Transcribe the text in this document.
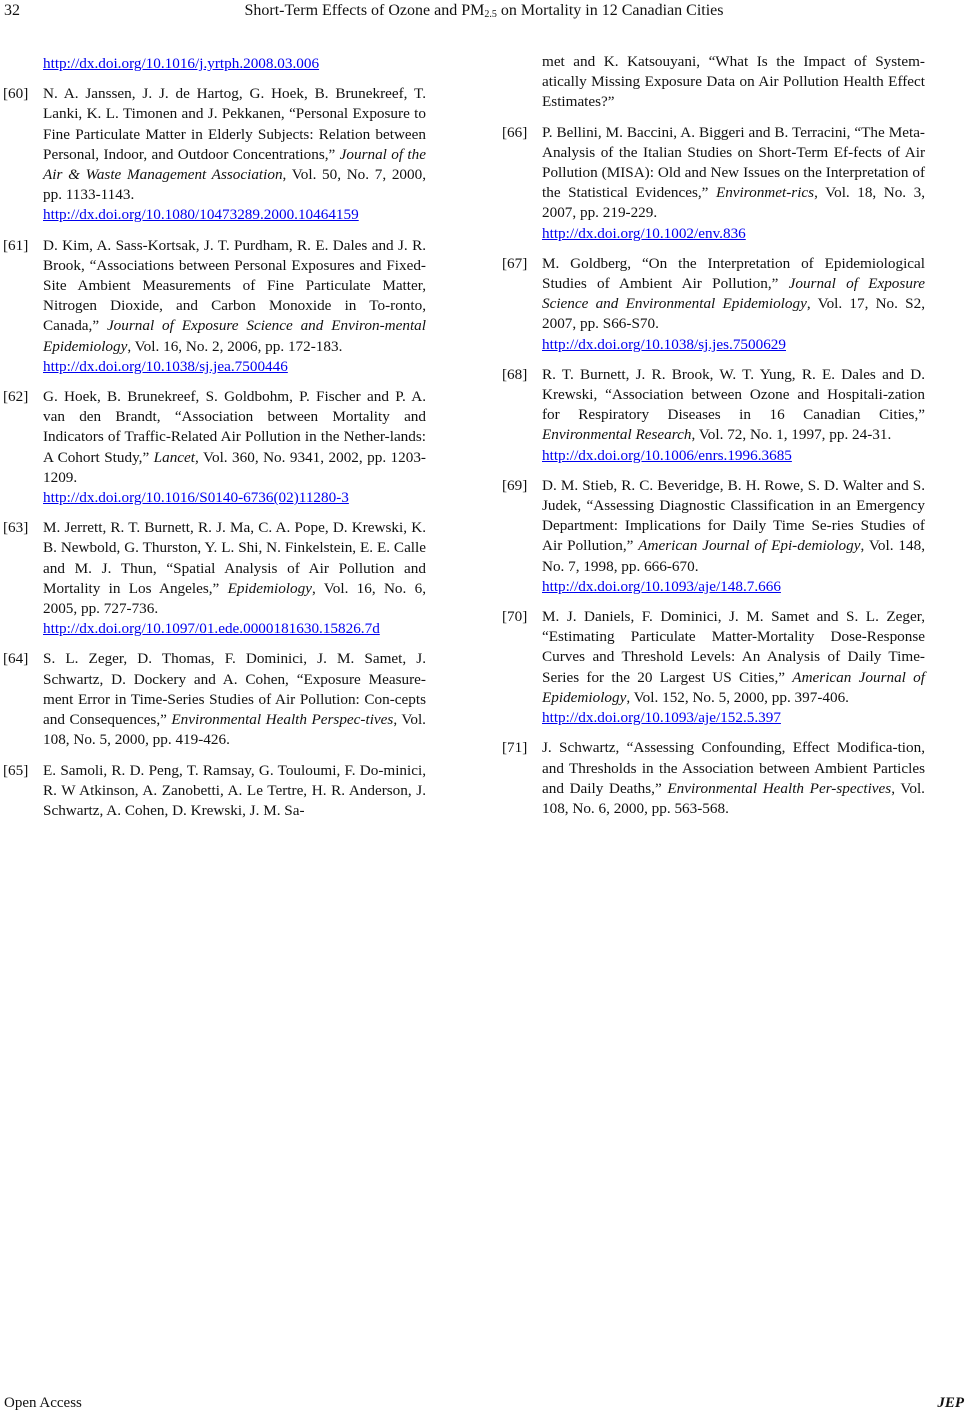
32	Short-Term Effects of Ozone and $PM_{2.5}$ on Mortality in 12 Canadian Cities
http://dx.doi.org/10.1016/j.yrtph.2008.03.006
[60] N. A. Janssen, J. J. de Hartog, G. Hoek, B. Brunekreef, T. Lanki, K. L. Timonen and J. Pekkanen, “Personal Exposure to Fine Particulate Matter in Elderly Subjects: Relation between Personal, Indoor, and Outdoor Concentrations,” Journal of the Air & Waste Management Association, Vol. 50, No. 7, 2000, pp. 1133-1143.
http://dx.doi.org/10.1080/10473289.2000.10464159
[61] D. Kim, A. Sass-Kortsak, J. T. Purdham, R. E. Dales and J. R. Brook, “Associations between Personal Exposures and Fixed-Site Ambient Measurements of Fine Particulate Matter, Nitrogen Dioxide, and Carbon Monoxide in To-ronto, Canada,” Journal of Exposure Science and Environ-mental Epidemiology, Vol. 16, No. 2, 2006, pp. 172-183.
http://dx.doi.org/10.1038/sj.jea.7500446
[62] G. Hoek, B. Brunekreef, S. Goldbohm, P. Fischer and P. A. van den Brandt, “Association between Mortality and Indicators of Traffic-Related Air Pollution in the Nether-lands: A Cohort Study,” Lancet, Vol. 360, No. 9341, 2002, pp. 1203-1209.
http://dx.doi.org/10.1016/S0140-6736(02)11280-3
[63] M. Jerrett, R. T. Burnett, R. J. Ma, C. A. Pope, D. Krewski, K. B. Newbold, G. Thurston, Y. L. Shi, N. Finkelstein, E. E. Calle and M. J. Thun, “Spatial Analysis of Air Pollution and Mortality in Los Angeles,” Epidemiology, Vol. 16, No. 6, 2005, pp. 727-736.
http://dx.doi.org/10.1097/01.ede.0000181630.15826.7d
[64] S. L. Zeger, D. Thomas, F. Dominici, J. M. Samet, J. Schwartz, D. Dockery and A. Cohen, “Exposure Measure-ment Error in Time-Series Studies of Air Pollution: Con-cepts and Consequences,” Environmental Health Perspec-tives, Vol. 108, No. 5, 2000, pp. 419-426.
[65] E. Samoli, R. D. Peng, T. Ramsay, G. Touloumi, F. Do-minici, R. W Atkinson, A. Zanobetti, A. Le Tertre, H. R. Anderson, J. Schwartz, A. Cohen, D. Krewski, J. M. Sa-
met and K. Katsouyani, “What Is the Impact of System-atically Missing Exposure Data on Air Pollution Health Effect Estimates?”
[66] P. Bellini, M. Baccini, A. Biggeri and B. Terracini, “The Meta-Analysis of the Italian Studies on Short-Term Ef-fects of Air Pollution (MISA): Old and New Issues on the Interpretation of the Statistical Evidences,” Environmet-rics, Vol. 18, No. 3, 2007, pp. 219-229.
http://dx.doi.org/10.1002/env.836
[67] M. Goldberg, “On the Interpretation of Epidemiological Studies of Ambient Air Pollution,” Journal of Exposure Science and Environmental Epidemiology, Vol. 17, No. S2, 2007, pp. S66-S70.
http://dx.doi.org/10.1038/sj.jes.7500629
[68] R. T. Burnett, J. R. Brook, W. T. Yung, R. E. Dales and D. Krewski, “Association between Ozone and Hospitali-zation for Respiratory Diseases in 16 Canadian Cities,” Environmental Research, Vol. 72, No. 1, 1997, pp. 24-31.
http://dx.doi.org/10.1006/enrs.1996.3685
[69] D. M. Stieb, R. C. Beveridge, B. H. Rowe, S. D. Walter and S. Judek, “Assessing Diagnostic Classification in an Emergency Department: Implications for Daily Time Se-ries Studies of Air Pollution,” American Journal of Epi-demiology, Vol. 148, No. 7, 1998, pp. 666-670.
http://dx.doi.org/10.1093/aje/148.7.666
[70] M. J. Daniels, F. Dominici, J. M. Samet and S. L. Zeger, “Estimating Particulate Matter-Mortality Dose-Response Curves and Threshold Levels: An Analysis of Daily Time-Series for the 20 Largest US Cities,” American Journal of Epidemiology, Vol. 152, No. 5, 2000, pp. 397-406.
http://dx.doi.org/10.1093/aje/152.5.397
[71] J. Schwartz, “Assessing Confounding, Effect Modifica-tion, and Thresholds in the Association between Ambient Particles and Daily Deaths,” Environmental Health Per-spectives, Vol. 108, No. 6, 2000, pp. 563-568.
Open Access	JEP
